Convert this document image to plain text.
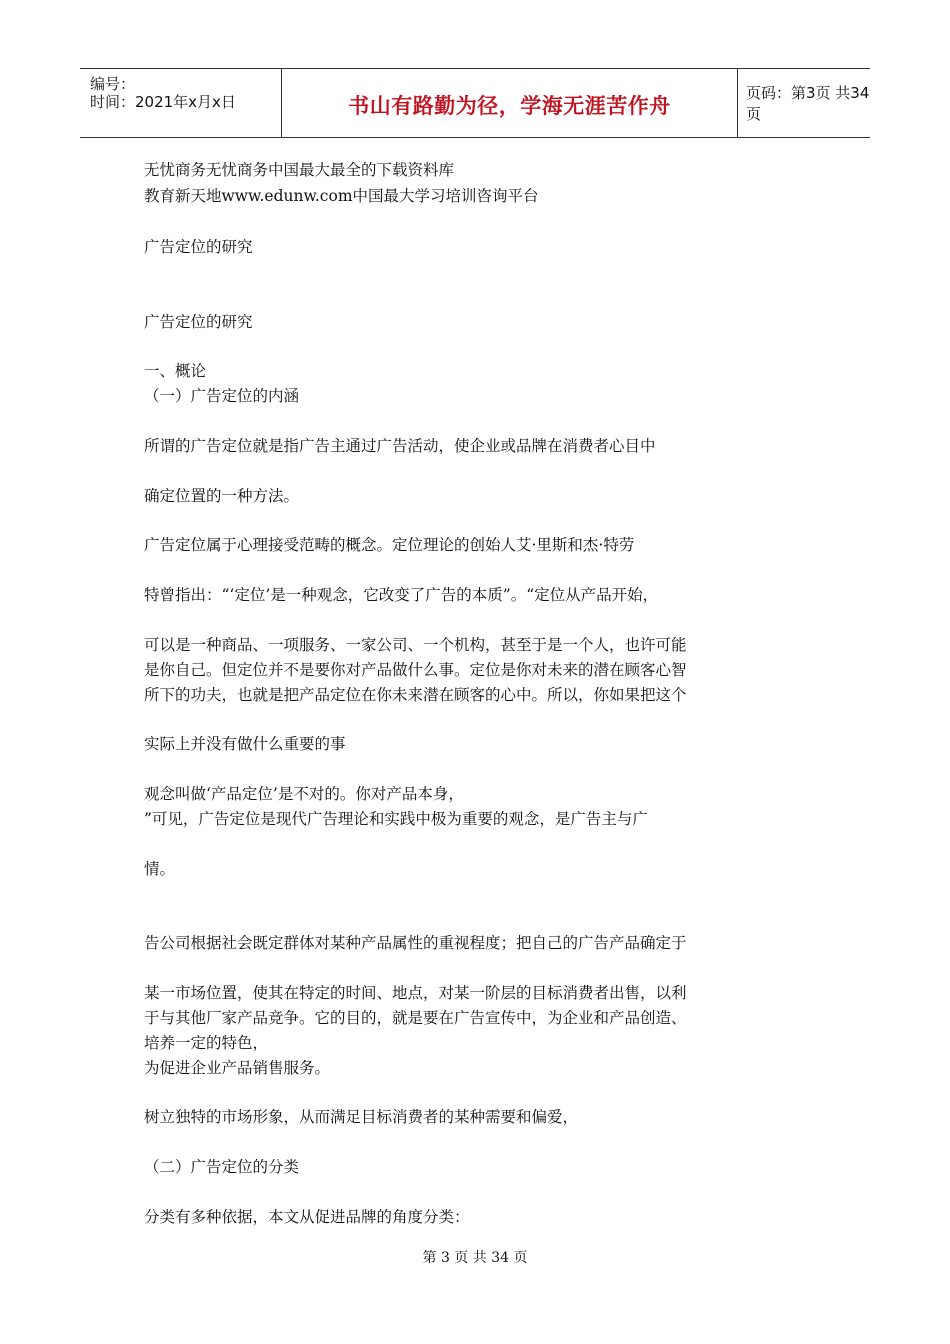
编号：
时间：2021年x月x日	书山有路勤为径，学海无涯苦作舟
页码：第3页 共34页
无忧商务无忧商务中国最大最全的下载资料库
教育新天地www.edunw.com中国最大学习培训咨询平台
广告定位的研究
广告定位的研究
一、概论
（一）广告定位的内涵
所谓的广告定位就是指广告主通过广告活动，使企业或品牌在消费者心目中
确定位置的一种方法。
广告定位属于心理接受范畴的概念。定位理论的创始人艾·里斯和杰·特劳
特曾指出：“‘定位’是一种观念，它改变了广告的本质”。“定位从产品开始，
可以是一种商品、一项服务、一家公司、一个机构，甚至于是一个人，也许可能
是你自己。但定位并不是要你对产品做什么事。定位是你对未来的潜在顾客心智
所下的功夫，也就是把产品定位在你未来潜在顾客的心中。所以，你如果把这个
实际上并没有做什么重要的事
观念叫做‘产品定位’是不对的。你对产品本身，
”可见，广告定位是现代广告理论和实践中极为重要的观念，是广告主与广
情。
告公司根据社会既定群体对某种产品属性的重视程度；把自己的广告产品确定于
某一市场位置，使其在特定的时间、地点，对某一阶层的目标消费者出售，以利
于与其他厂家产品竞争。它的目的，就是要在广告宣传中，为企业和产品创造、
培养一定的特色，
为促进企业产品销售服务。
树立独特的市场形象，从而满足目标消费者的某种需要和偏爱，
（二）广告定位的分类
分类有多种依据，本文从促进品牌的角度分类：
第 3 页 共 34 页
